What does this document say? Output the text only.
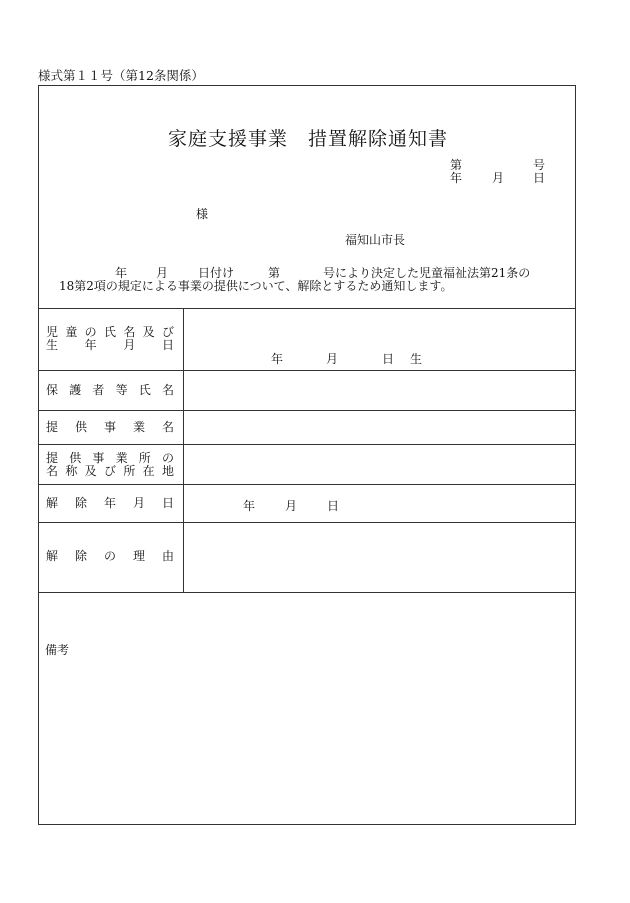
様式第１１号（第12条関係）
家庭支援事業　措置解除通知書
第	号
年 月 日
様
福知山市長
年 月 日付け	第	号により決定した児童福祉法第21条の
18第2項の規定による事業の提供について、解除とするため通知します。
児 童 の 氏 名 及 び
生 年 月 日
年	月	日 生
保 護 者 等 氏 名
提 供 事 業 名
提 供 事 業 所 の
名 称 及 び 所 在 地
解 除 年 月 日	年 月 日
解 除 の 理 由
備考
